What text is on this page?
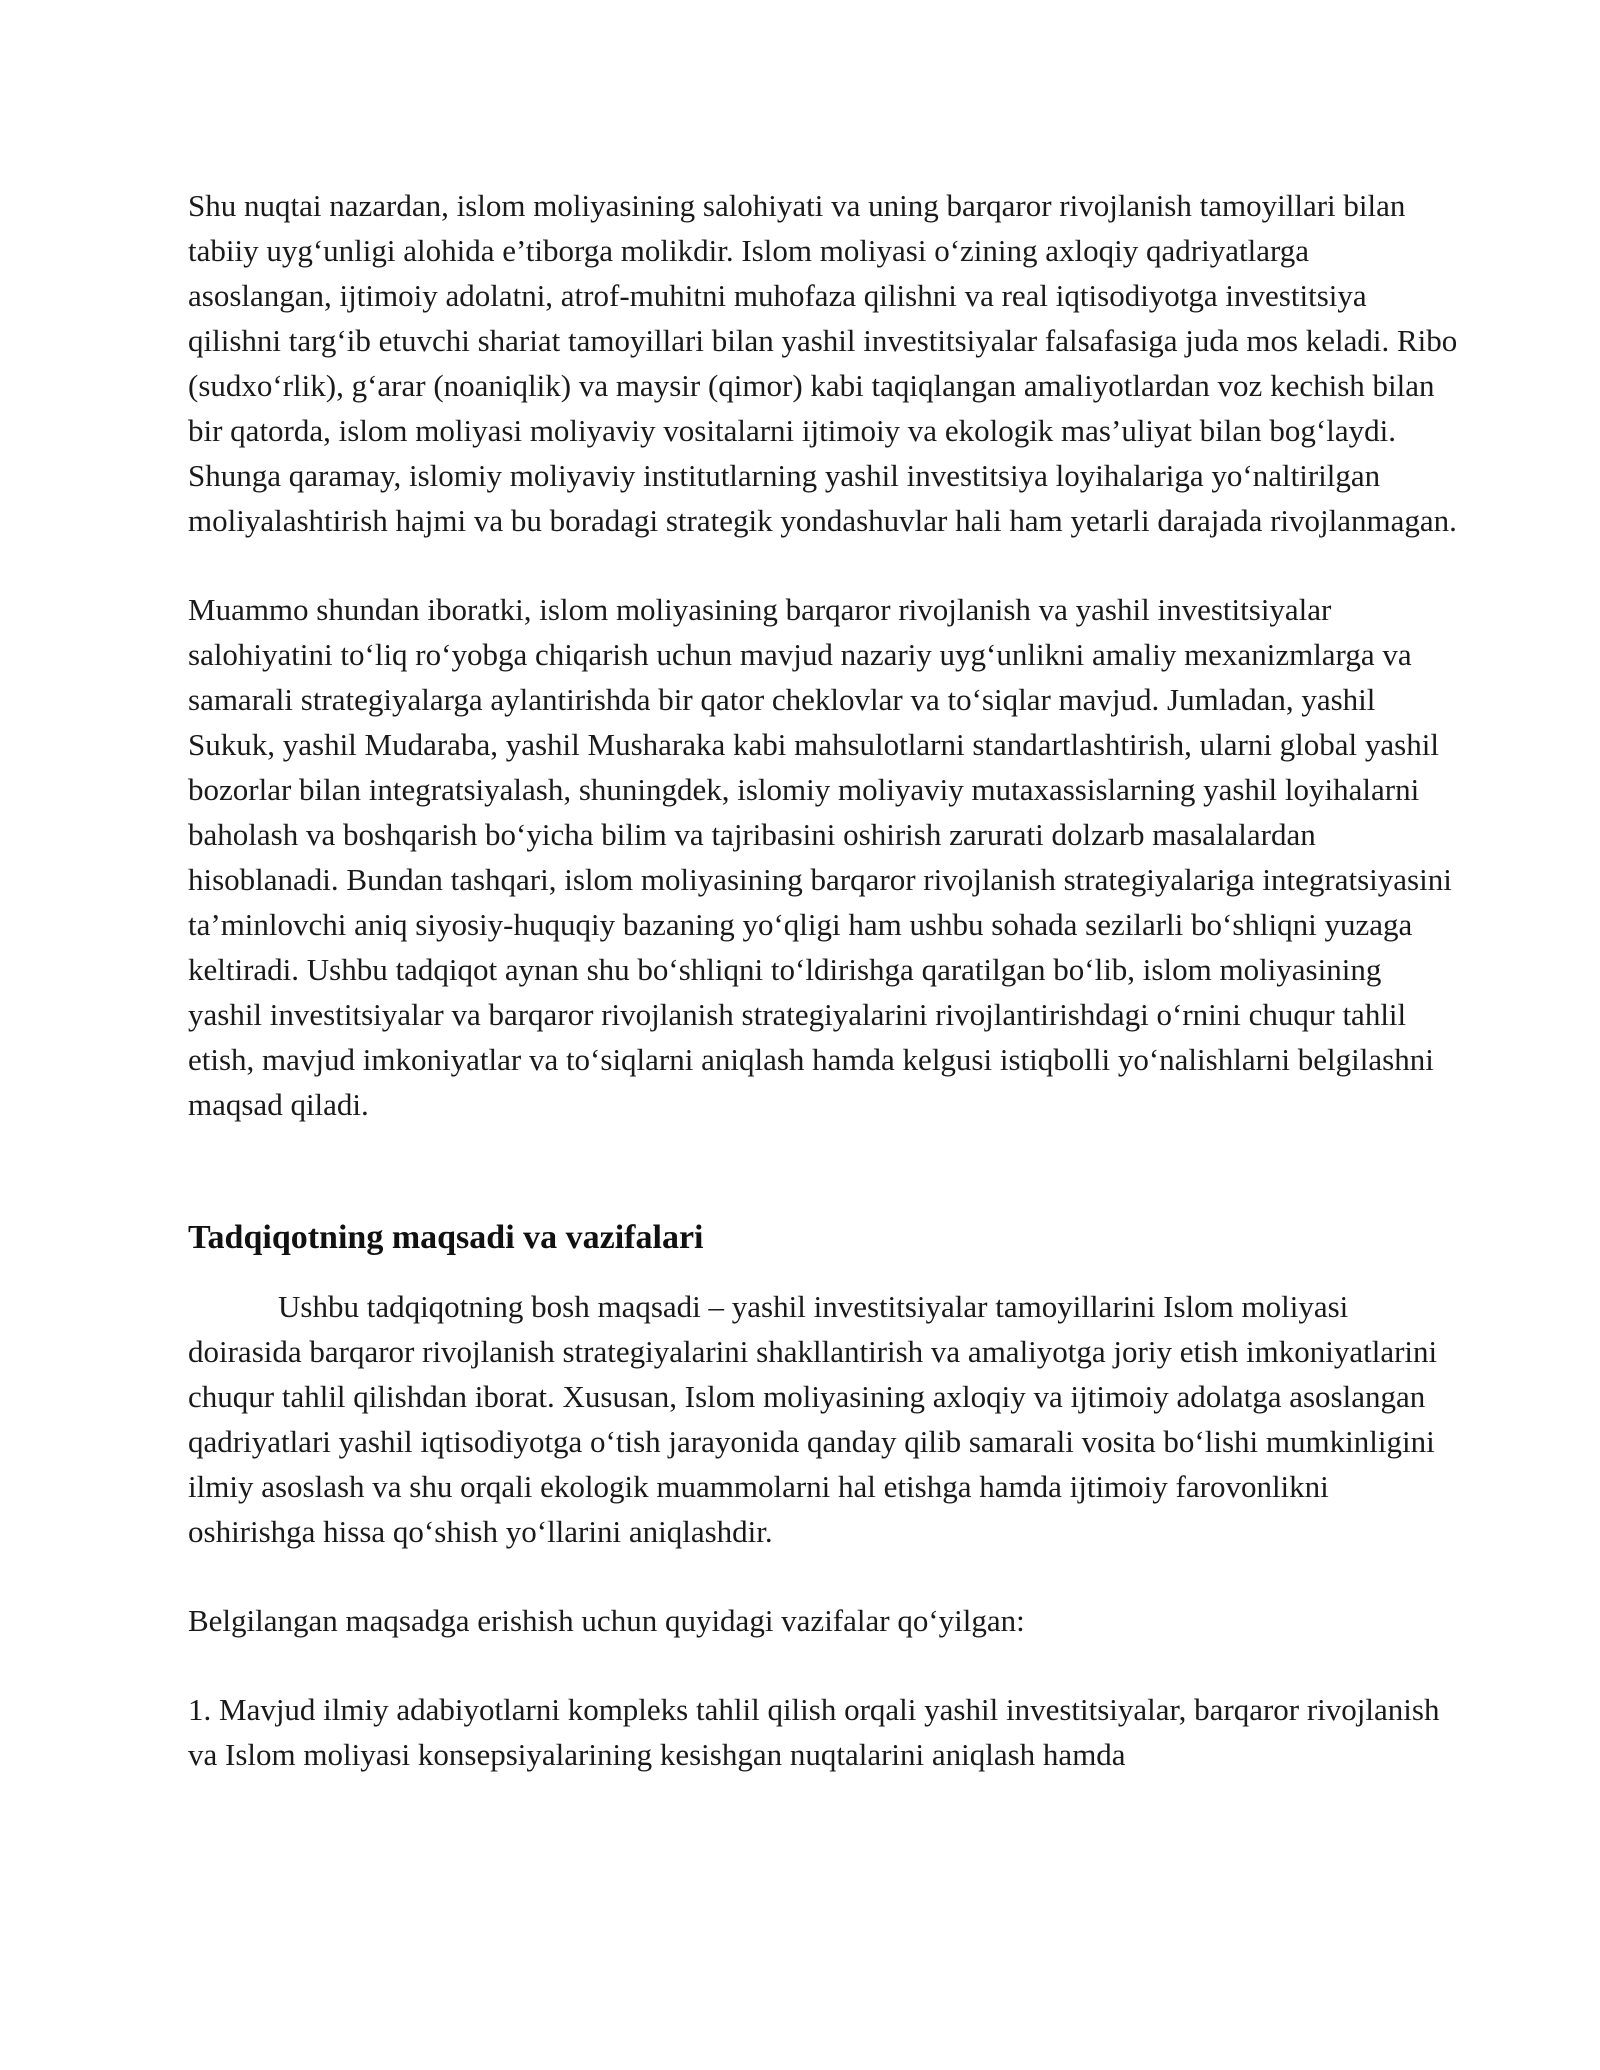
Shu nuqtai nazardan, islom moliyasining salohiyati va uning barqaror rivojlanish tamoyillari bilan tabiiy uyg‘unligi alohida e’tiborga molikdir. Islom moliyasi o‘zining axloqiy qadriyatlarga asoslangan, ijtimoiy adolatni, atrof-muhitni muhofaza qilishni va real iqtisodiyotga investitsiya qilishni targ‘ib etuvchi shariat tamoyillari bilan yashil investitsiyalar falsafasiga juda mos keladi. Ribo (sudxo‘rlik), g‘arar (noaniqlik) va maysir (qimor) kabi taqiqlangan amaliyotlardan voz kechish bilan bir qatorda, islom moliyasi moliyaviy vositalarni ijtimoiy va ekologik mas’uliyat bilan bog‘laydi. Shunga qaramay, islomiy moliyaviy institutlarning yashil investitsiya loyihalariga yo‘naltirilgan moliyalashtirish hajmi va bu boradagi strategik yondashuvlar hali ham yetarli darajada rivojlanmagan.

Muammo shundan iboratki, islom moliyasining barqaror rivojlanish va yashil investitsiyalar salohiyatini to‘liq ro‘yobga chiqarish uchun mavjud nazariy uyg‘unlikni amaliy mexanizmlarga va samarali strategiyalarga aylantirishda bir qator cheklovlar va to‘siqlar mavjud. Jumladan, yashil Sukuk, yashil Mudaraba, yashil Musharaka kabi mahsulotlarni standartlashtirish, ularni global yashil bozorlar bilan integratsiyalash, shuningdek, islomiy moliyaviy mutaxassislarning yashil loyihalarni baholash va boshqarish bo‘yicha bilim va tajribasini oshirish zarurati dolzarb masalalardan hisoblanadi. Bundan tashqari, islom moliyasining barqaror rivojlanish strategiyalariga integratsiyasini ta’minlovchi aniq siyosiy-huquqiy bazaning yo‘qligi ham ushbu sohada sezilarli bo‘shliqni yuzaga keltiradi. Ushbu tadqiqot aynan shu bo‘shliqni to‘ldirishga qaratilgan bo‘lib, islom moliyasining yashil investitsiyalar va barqaror rivojlanish strategiyalarini rivojlantirishdagi o‘rnini chuqur tahlil etish, mavjud imkoniyatlar va to‘siqlarni aniqlash hamda kelgusi istiqbolli yo‘nalishlarni belgilashni maqsad qiladi.

Tadqiqotning maqsadi va vazifalari

Ushbu tadqiqotning bosh maqsadi – yashil investitsiyalar tamoyillarini Islom moliyasi doirasida barqaror rivojlanish strategiyalarini shakllantirish va amaliyotga joriy etish imkoniyatlarini chuqur tahlil qilishdan iborat. Xususan, Islom moliyasining axloqiy va ijtimoiy adolatga asoslangan qadriyatlari yashil iqtisodiyotga o‘tish jarayonida qanday qilib samarali vosita bo‘lishi mumkinligini ilmiy asoslash va shu orqali ekologik muammolarni hal etishga hamda ijtimoiy farovonlikni oshirishga hissa qo‘shish yo‘llarini aniqlashdir.

Belgilangan maqsadga erishish uchun quyidagi vazifalar qo‘yilgan:

1. Mavjud ilmiy adabiyotlarni kompleks tahlil qilish orqali yashil investitsiyalar, barqaror rivojlanish va Islom moliyasi konsepsiyalarining kesishgan nuqtalarini aniqlash hamda
